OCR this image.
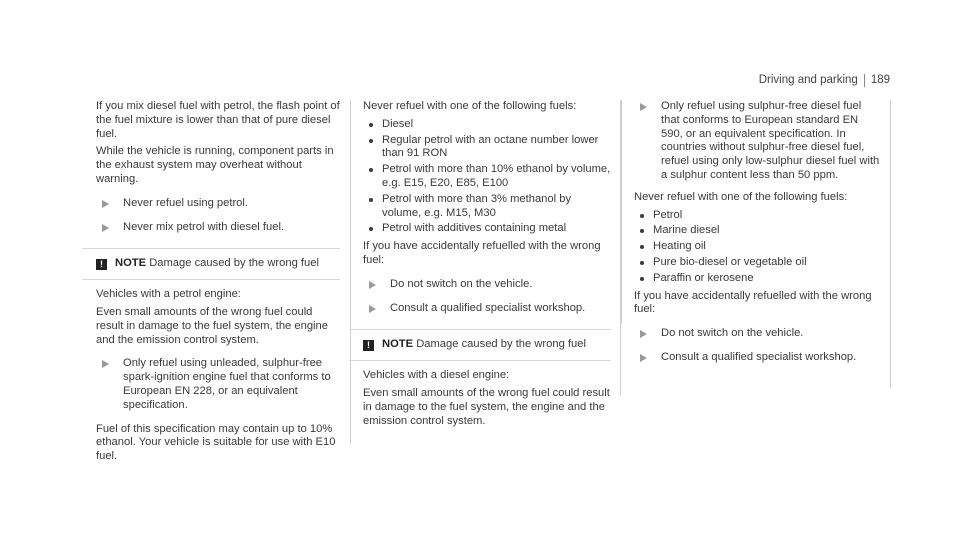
Driving and parking 189

If you mix diesel fuel with petrol, the flash point of the fuel mixture is lower than that of pure diesel fuel.

While the vehicle is running, component parts in the exhaust system may overheat without warning.

Never refuel using petrol.
Never mix petrol with diesel fuel.
!	NOTE Damage caused by the wrong fuel

Vehicles with a petrol engine:

Even small amounts of the wrong fuel could result in damage to the fuel system, the engine and the emission control system.

Only refuel using unleaded, sulphur-free spark-ignition engine fuel that conforms to European EN 228, or an equivalent specification.

Fuel of this specification may contain up to 10% ethanol. Your vehicle is suitable for use with E10 fuel.

Never refuel with one of the following fuels:

Diesel
Regular petrol with an octane number lower than 91 RON
Petrol with more than 10% ethanol by volume, e.g. E15, E20, E85, E100
Petrol with more than 3% methanol by volume, e.g. M15, M30
Petrol with additives containing metal

If you have accidentally refuelled with the wrong fuel:

Do not switch on the vehicle.
Consult a qualified specialist workshop.
!	NOTE Damage caused by the wrong fuel

Vehicles with a diesel engine:

Even small amounts of the wrong fuel could result in damage to the fuel system, the engine and the emission control system.

Only refuel using sulphur-free diesel fuel that conforms to European standard EN 590, or an equivalent specification. In countries without sulphur-free diesel fuel, refuel using only low-sulphur diesel fuel with a sulphur content less than 50 ppm.

Never refuel with one of the following fuels:

Petrol
Marine diesel
Heating oil
Pure bio-diesel or vegetable oil
Paraffin or kerosene

If you have accidentally refuelled with the wrong fuel:

Do not switch on the vehicle.
Consult a qualified specialist workshop.
